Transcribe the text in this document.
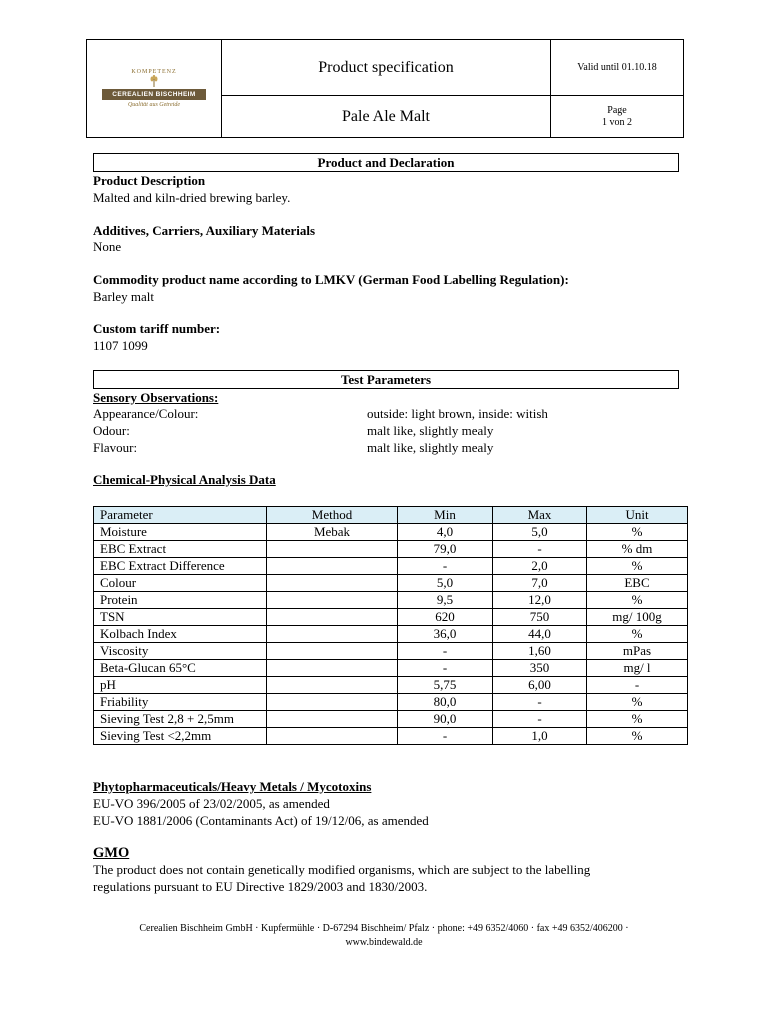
KOMPETENZ
CEREALIEN BISCHHEIM
Qualität aus Getreide	Product specification	Valid until 01.10.18
	Pale Ale Malt	Page
1 von 2
Product and Declaration
Product Description
Malted and kiln-dried brewing barley.
Additives, Carriers, Auxiliary Materials
None
Commodity product name according to LMKV (German Food Labelling Regulation):
Barley malt
Custom tariff number:
1107 1099
Test Parameters
Sensory Observations:
Appearance/Colour:	outside: light brown, inside: witish
Odour:	malt like, slightly mealy
Flavour:	malt like, slightly mealy
Chemical-Physical Analysis Data
Parameter	Method	Min	Max	Unit
Moisture	Mebak	4,0	5,0	%
EBC Extract		79,0	-	% dm
EBC Extract Difference		-	2,0	%
Colour		5,0	7,0	EBC
Protein		9,5	12,0	%
TSN		620	750	mg/ 100g
Kolbach Index		36,0	44,0	%
Viscosity		-	1,60	mPas
Beta-Glucan 65°C		-	350	mg/ l
pH		5,75	6,00	-
Friability		80,0	-	%
Sieving Test 2,8 + 2,5mm		90,0	-	%
Sieving Test <2,2mm		-	1,0	%
Phytopharmaceuticals/Heavy Metals / Mycotoxins
EU-VO 396/2005 of 23/02/2005, as amended
EU-VO 1881/2006 (Contaminants Act) of 19/12/06, as amended
GMO
The product does not contain genetically modified organisms, which are subject to the labelling
regulations pursuant to EU Directive 1829/2003 and 1830/2003.
Cerealien Bischheim GmbH · Kupfermühle · D-67294 Bischheim/ Pfalz · phone: +49 6352/4060 · fax +49 6352/406200 ·
www.bindewald.de
